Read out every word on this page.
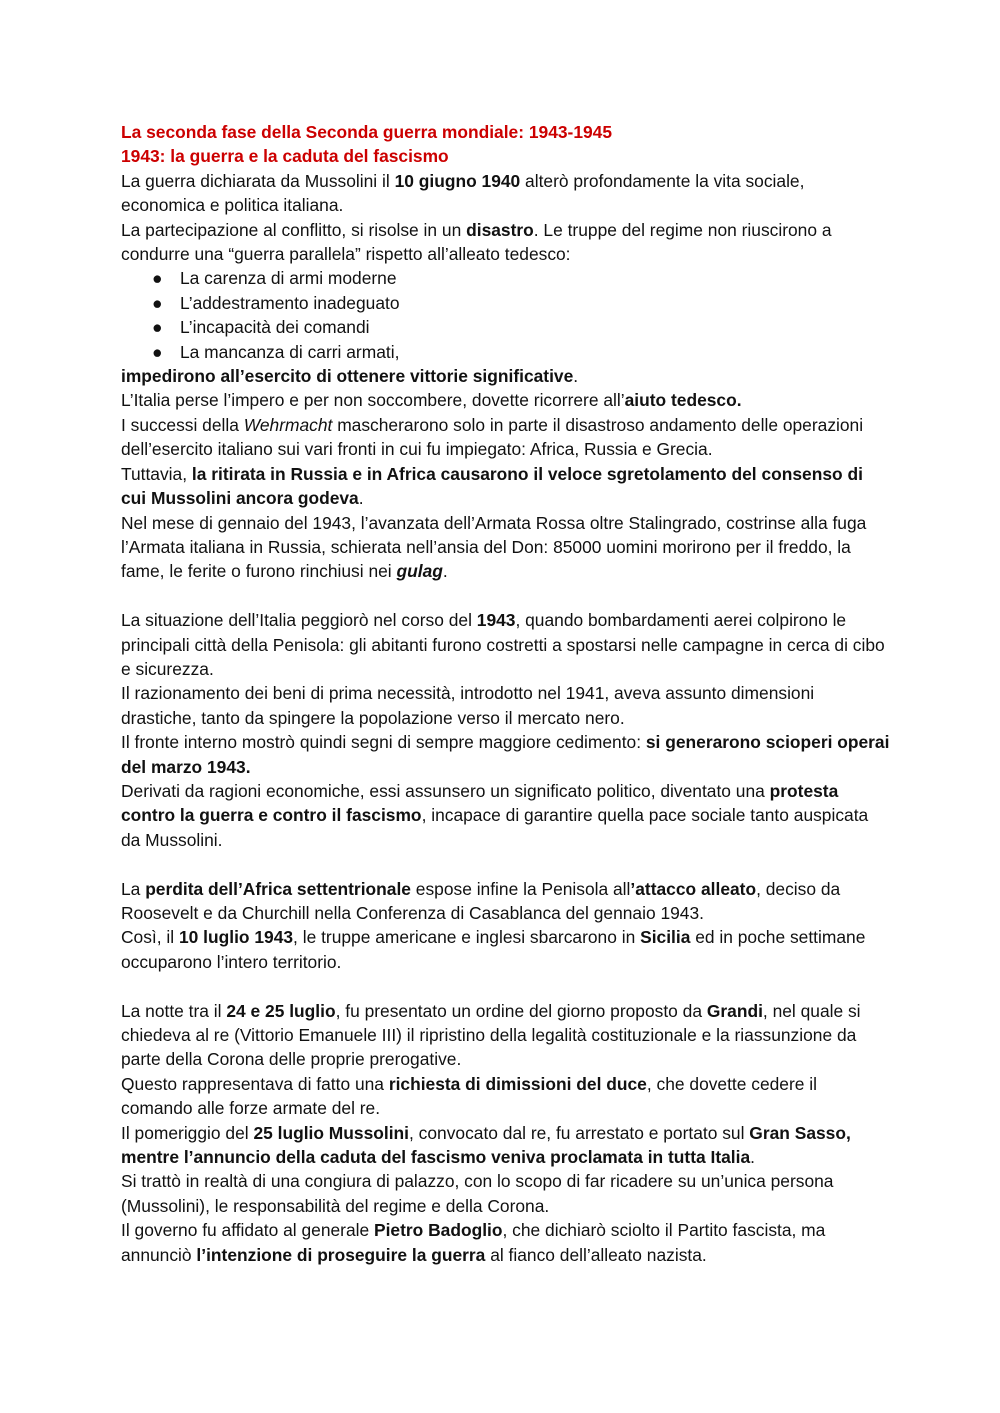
La seconda fase della Seconda guerra mondiale: 1943-1945

1943: la guerra e la caduta del fascismo

La guerra dichiarata da Mussolini il 10 giugno 1940 alterò profondamente la vita sociale, economica e politica italiana.

La partecipazione al conflitto, si risolse in un disastro. Le truppe del regime non riuscirono a condurre una “guerra parallela” rispetto all’alleato tedesco:

● La carenza di armi moderne
● L’addestramento inadeguato
● L’incapacità dei comandi
● La mancanza di carri armati,

impedirono all’esercito di ottenere vittorie significative.

L’Italia perse l’impero e per non soccombere, dovette ricorrere all’aiuto tedesco.

I successi della Wehrmacht mascherarono solo in parte il disastroso andamento delle operazioni dell’esercito italiano sui vari fronti in cui fu impiegato: Africa, Russia e Grecia.

Tuttavia, la ritirata in Russia e in Africa causarono il veloce sgretolamento del consenso di cui Mussolini ancora godeva.

Nel mese di gennaio del 1943, l’avanzata dell’Armata Rossa oltre Stalingrado, costrinse alla fuga l’Armata italiana in Russia, schierata nell’ansia del Don: 85000 uomini morirono per il freddo, la fame, le ferite o furono rinchiusi nei gulag.

La situazione dell’Italia peggiorò nel corso del 1943, quando bombardamenti aerei colpirono le principali città della Penisola: gli abitanti furono costretti a spostarsi nelle campagne in cerca di cibo e sicurezza.

Il razionamento dei beni di prima necessità, introdotto nel 1941, aveva assunto dimensioni drastiche, tanto da spingere la popolazione verso il mercato nero.

Il fronte interno mostrò quindi segni di sempre maggiore cedimento: si generarono scioperi operai del marzo 1943.

Derivati da ragioni economiche, essi assunsero un significato politico, diventato una protesta contro la guerra e contro il fascismo, incapace di garantire quella pace sociale tanto auspicata da Mussolini.

La perdita dell’Africa settentrionale espose infine la Penisola all’attacco alleato, deciso da Roosevelt e da Churchill nella Conferenza di Casablanca del gennaio 1943.

Così, il 10 luglio 1943, le truppe americane e inglesi sbarcarono in Sicilia ed in poche settimane occuparono l’intero territorio.

La notte tra il 24 e 25 luglio, fu presentato un ordine del giorno proposto da Grandi, nel quale si chiedeva al re (Vittorio Emanuele III) il ripristino della legalità costituzionale e la riassunzione da parte della Corona delle proprie prerogative.

Questo rappresentava di fatto una richiesta di dimissioni del duce, che dovette cedere il comando alle forze armate del re.

Il pomeriggio del 25 luglio Mussolini, convocato dal re, fu arrestato e portato sul Gran Sasso, mentre l’annuncio della caduta del fascismo veniva proclamata in tutta Italia.

Si trattò in realtà di una congiura di palazzo, con lo scopo di far ricadere su un’unica persona (Mussolini), le responsabilità del regime e della Corona.

Il governo fu affidato al generale Pietro Badoglio, che dichiarò sciolto il Partito fascista, ma annunciò l’intenzione di proseguire la guerra al fianco dell’alleato nazista.
